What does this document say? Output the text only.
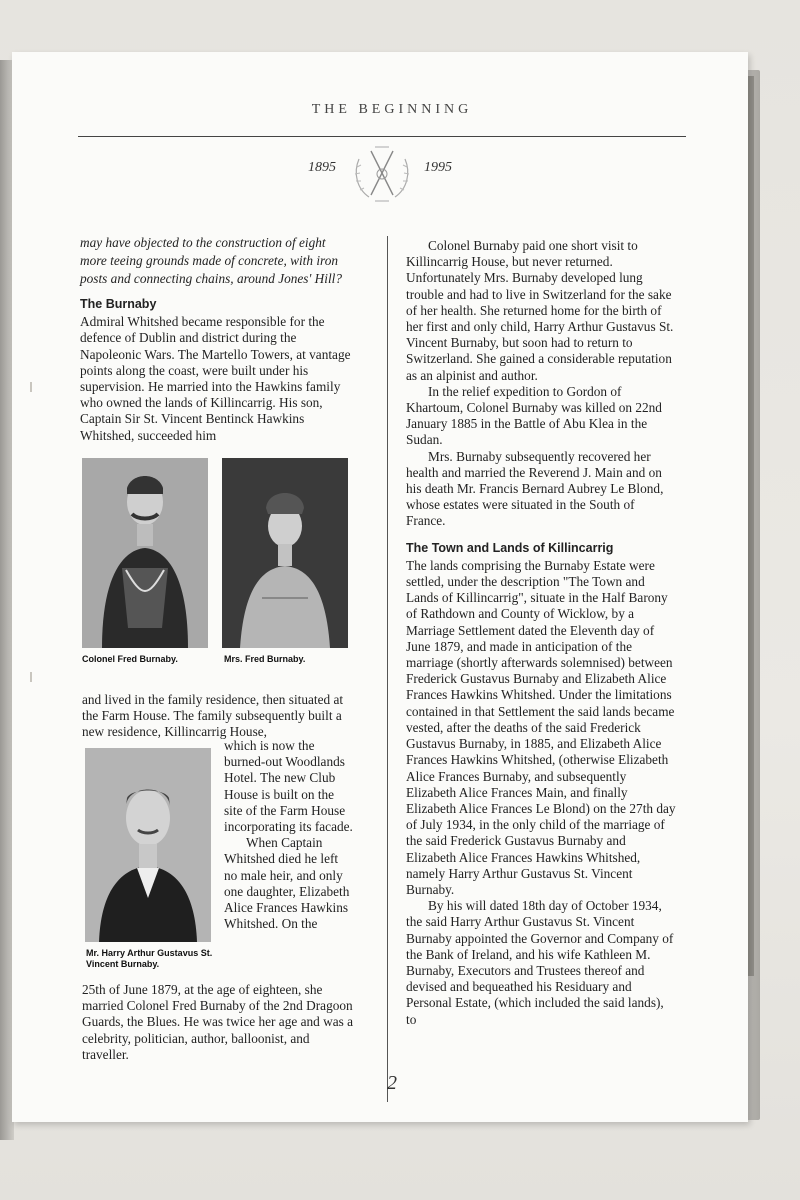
THE BEGINNING
1895	1995

may have objected to the construction of eight more teeing grounds made of concrete, with iron posts and connecting chains, around Jones' Hill?

The Burnaby

Admiral Whitshed became responsible for the defence of Dublin and district during the Napoleonic Wars. The Martello Towers, at vantage points along the coast, were built under his supervision. He married into the Hawkins family who owned the lands of Killincarrig. His son, Captain Sir St. Vincent Bentinck Hawkins Whitshed, succeeded him

Colonel Fred Burnaby.	Mrs. Fred Burnaby.

and lived in the family residence, then situated at the Farm House. The family subsequently built a new residence, Killincarrig House,

Mr. Harry Arthur Gustavus St. Vincent Burnaby.

which is now the burned-out Woodlands Hotel. The new Club House is built on the site of the Farm House incorporating its facade.

When Captain Whitshed died he left no male heir, and only one daughter, Elizabeth Alice Frances Hawkins Whitshed. On the

25th of June 1879, at the age of eighteen, she married Colonel Fred Burnaby of the 2nd Dragoon Guards, the Blues. He was twice her age and was a celebrity, politician, author, balloonist, and traveller.

Colonel Burnaby paid one short visit to Killincarrig House, but never returned. Unfortunately Mrs. Burnaby developed lung trouble and had to live in Switzerland for the sake of her health. She returned home for the birth of her first and only child, Harry Arthur Gustavus St. Vincent Burnaby, but soon had to return to Switzerland. She gained a considerable reputation as an alpinist and author.

In the relief expedition to Gordon of Khartoum, Colonel Burnaby was killed on 22nd January 1885 in the Battle of Abu Klea in the Sudan.

Mrs. Burnaby subsequently recovered her health and married the Reverend J. Main and on his death Mr. Francis Bernard Aubrey Le Blond, whose estates were situated in the South of France.

The Town and Lands of Killincarrig

The lands comprising the Burnaby Estate were settled, under the description "The Town and Lands of Killincarrig", situate in the Half Barony of Rathdown and County of Wicklow, by a Marriage Settlement dated the Eleventh day of June 1879, and made in anticipation of the marriage (shortly afterwards solemnised) between Frederick Gustavus Burnaby and Elizabeth Alice Frances Hawkins Whitshed. Under the limitations contained in that Settlement the said lands became vested, after the deaths of the said Frederick Gustavus Burnaby, in 1885, and Elizabeth Alice Frances Hawkins Whitshed, (otherwise Elizabeth Alice Frances Burnaby, and subsequently Elizabeth Alice Frances Main, and finally Elizabeth Alice Frances Le Blond) on the 27th day of July 1934, in the only child of the marriage of the said Frederick Gustavus Burnaby and Elizabeth Alice Frances Hawkins Whitshed, namely Harry Arthur Gustavus St. Vincent Burnaby.

By his will dated 18th day of October 1934, the said Harry Arthur Gustavus St. Vincent Burnaby appointed the Governor and Company of the Bank of Ireland, and his wife Kathleen M. Burnaby, Executors and Trustees thereof and devised and bequeathed his Residuary and Personal Estate, (which included the said lands), to

2
